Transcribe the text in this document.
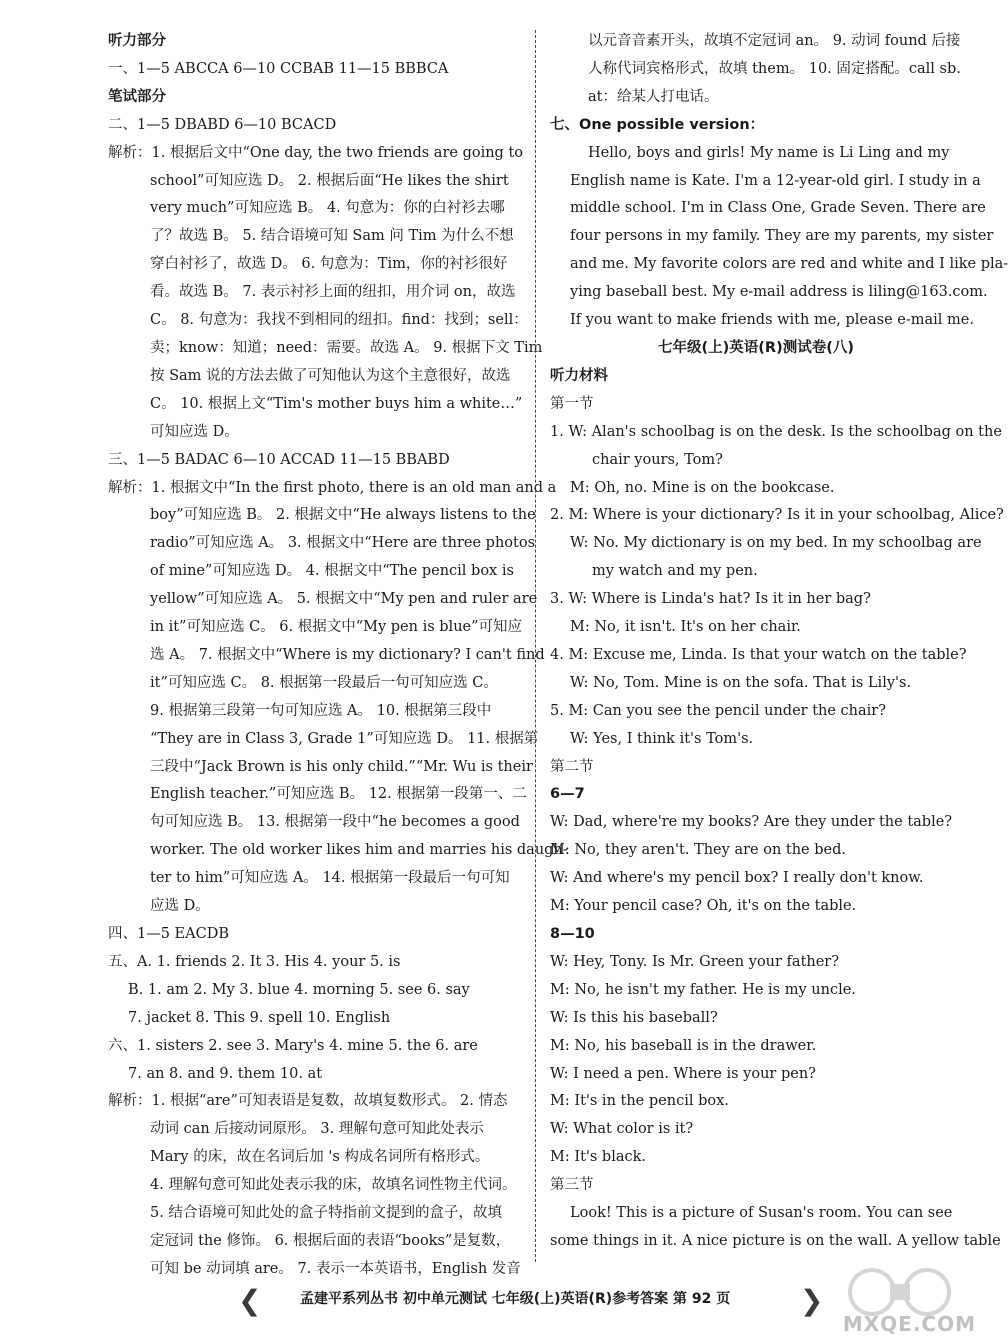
听力部分
一、1—5 ABCCA 6—10 CCBAB 11—15 BBBCA
笔试部分
二、1—5 DBABD 6—10 BCACD
解析：1. 根据后文中“One day, the two friends are going to
school”可知应选 D。 2. 根据后面“He likes the shirt
very much”可知应选 B。 4. 句意为：你的白衬衫去哪
了？故选 B。 5. 结合语境可知 Sam 问 Tim 为什么不想
穿白衬衫了，故选 D。 6. 句意为：Tim，你的衬衫很好
看。故选 B。 7. 表示衬衫上面的纽扣，用介词 on，故选
C。 8. 句意为：我找不到相同的纽扣。find：找到；sell：
卖；know：知道；need：需要。故选 A。 9. 根据下文 Tim
按 Sam 说的方法去做了可知他认为这个主意很好，故选
C。 10. 根据上文“Tim's mother buys him a white…”
可知应选 D。
三、1—5 BADAC 6—10 ACCAD 11—15 BBABD
解析：1. 根据文中“In the first photo, there is an old man and a
boy”可知应选 B。 2. 根据文中“He always listens to the
radio”可知应选 A。 3. 根据文中“Here are three photos
of mine”可知应选 D。 4. 根据文中“The pencil box is
yellow”可知应选 A。 5. 根据文中“My pen and ruler are
in it”可知应选 C。 6. 根据文中“My pen is blue”可知应
选 A。 7. 根据文中“Where is my dictionary? I can't find
it”可知应选 C。 8. 根据第一段最后一句可知应选 C。
9. 根据第三段第一句可知应选 A。 10. 根据第三段中
“They are in Class 3, Grade 1”可知应选 D。 11. 根据第
三段中“Jack Brown is his only child.”“Mr. Wu is their
English teacher.”可知应选 B。 12. 根据第一段第一、二
句可知应选 B。 13. 根据第一段中“he becomes a good
worker. The old worker likes him and marries his daugh-
ter to him”可知应选 A。 14. 根据第一段最后一句可知
应选 D。
四、1—5 EACDB
五、A. 1. friends 2. It 3. His 4. your 5. is
B. 1. am 2. My 3. blue 4. morning 5. see 6. say
7. jacket 8. This 9. spell 10. English
六、1. sisters 2. see 3. Mary's 4. mine 5. the 6. are
7. an 8. and 9. them 10. at
解析：1. 根据“are”可知表语是复数，故填复数形式。 2. 情态
动词 can 后接动词原形。 3. 理解句意可知此处表示
Mary 的床，故在名词后加 's 构成名词所有格形式。
4. 理解句意可知此处表示我的床，故填名词性物主代词。
5. 结合语境可知此处的盒子特指前文提到的盒子，故填
定冠词 the 修饰。 6. 根据后面的表语“books”是复数，
可知 be 动词填 are。 7. 表示一本英语书，English 发音
以元音音素开头，故填不定冠词 an。 9. 动词 found 后接
人称代词宾格形式，故填 them。 10. 固定搭配。call sb.
at：给某人打电话。
七、One possible version：
Hello, boys and girls! My name is Li Ling and my
English name is Kate. I'm a 12-year-old girl. I study in a
middle school. I'm in Class One, Grade Seven. There are
four persons in my family. They are my parents, my sister
and me. My favorite colors are red and white and I like pla-
ying baseball best. My e-mail address is liling@163.com.
If you want to make friends with me, please e-mail me.
七年级(上)英语(R)测试卷(八)
听力材料
第一节
1. W: Alan's schoolbag is on the desk. Is the schoolbag on the
chair yours, Tom?
M: Oh, no. Mine is on the bookcase.
2. M: Where is your dictionary? Is it in your schoolbag, Alice?
W: No. My dictionary is on my bed. In my schoolbag are
my watch and my pen.
3. W: Where is Linda's hat? Is it in her bag?
M: No, it isn't. It's on her chair.
4. M: Excuse me, Linda. Is that your watch on the table?
W: No, Tom. Mine is on the sofa. That is Lily's.
5. M: Can you see the pencil under the chair?
W: Yes, I think it's Tom's.
第二节
6—7
W: Dad, where're my books? Are they under the table?
M: No, they aren't. They are on the bed.
W: And where's my pencil box? I really don't know.
M: Your pencil case? Oh, it's on the table.
8—10
W: Hey, Tony. Is Mr. Green your father?
M: No, he isn't my father. He is my uncle.
W: Is this his baseball?
M: No, his baseball is in the drawer.
W: I need a pen. Where is your pen?
M: It's in the pencil box.
W: What color is it?
M: It's black.
第三节
Look! This is a picture of Susan's room. You can see
some things in it. A nice picture is on the wall. A yellow table
❮	孟建平系列丛书 初中单元测试 七年级(上)英语(R)参考答案 第 92 页 ❯
MXQE.COM
